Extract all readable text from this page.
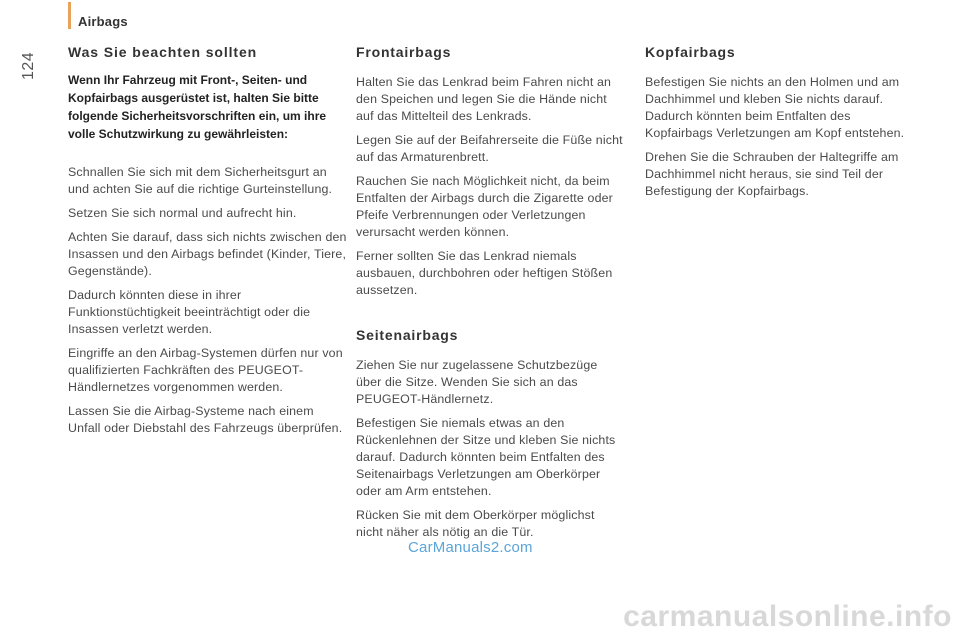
Airbags
124 Was Sie beachten sollten

Wenn Ihr Fahrzeug mit Front-, Seiten- und Kopfairbags ausgerüstet ist, halten Sie bitte folgende Sicherheitsvorschriften ein, um ihre volle Schutzwirkung zu gewährleisten:

Schnallen Sie sich mit dem Sicherheitsgurt an und achten Sie auf die richtige Gurteinstellung.

Setzen Sie sich normal und aufrecht hin.

Achten Sie darauf, dass sich nichts zwischen den Insassen und den Airbags befindet (Kinder, Tiere, Gegenstände).

Dadurch könnten diese in ihrer Funktionstüchtigkeit beeinträchtigt oder die Insassen verletzt werden.

Eingriffe an den Airbag-Systemen dürfen nur von qualifizierten Fachkräften des PEUGEOT-Händlernetzes vorgenommen werden.

Lassen Sie die Airbag-Systeme nach einem Unfall oder Diebstahl des Fahrzeugs überprüfen.

Frontairbags

Halten Sie das Lenkrad beim Fahren nicht an den Speichen und legen Sie die Hände nicht auf das Mittelteil des Lenkrads.

Legen Sie auf der Beifahrerseite die Füße nicht auf das Armaturenbrett.

Rauchen Sie nach Möglichkeit nicht, da beim Entfalten der Airbags durch die Zigarette oder Pfeife Verbrennungen oder Verletzungen verursacht werden können.

Ferner sollten Sie das Lenkrad niemals ausbauen, durchbohren oder heftigen Stößen aussetzen.

Seitenairbags

Ziehen Sie nur zugelassene Schutzbezüge über die Sitze. Wenden Sie sich an das PEUGEOT-Händlernetz.

Befestigen Sie niemals etwas an den Rückenlehnen der Sitze und kleben Sie nichts darauf. Dadurch könnten beim Entfalten des Seitenairbags Verletzungen am Oberkörper oder am Arm entstehen.

Rücken Sie mit dem Oberkörper möglichst nicht näher als nötig an die Tür.

Kopfairbags

Befestigen Sie nichts an den Holmen und am Dachhimmel und kleben Sie nichts darauf. Dadurch könnten beim Entfalten des Kopfairbags Verletzungen am Kopf entstehen.

Drehen Sie die Schrauben der Haltegriffe am Dachhimmel nicht heraus, sie sind Teil der Befestigung der Kopfairbags.

CarManuals2.com
carmanualsonline.info
